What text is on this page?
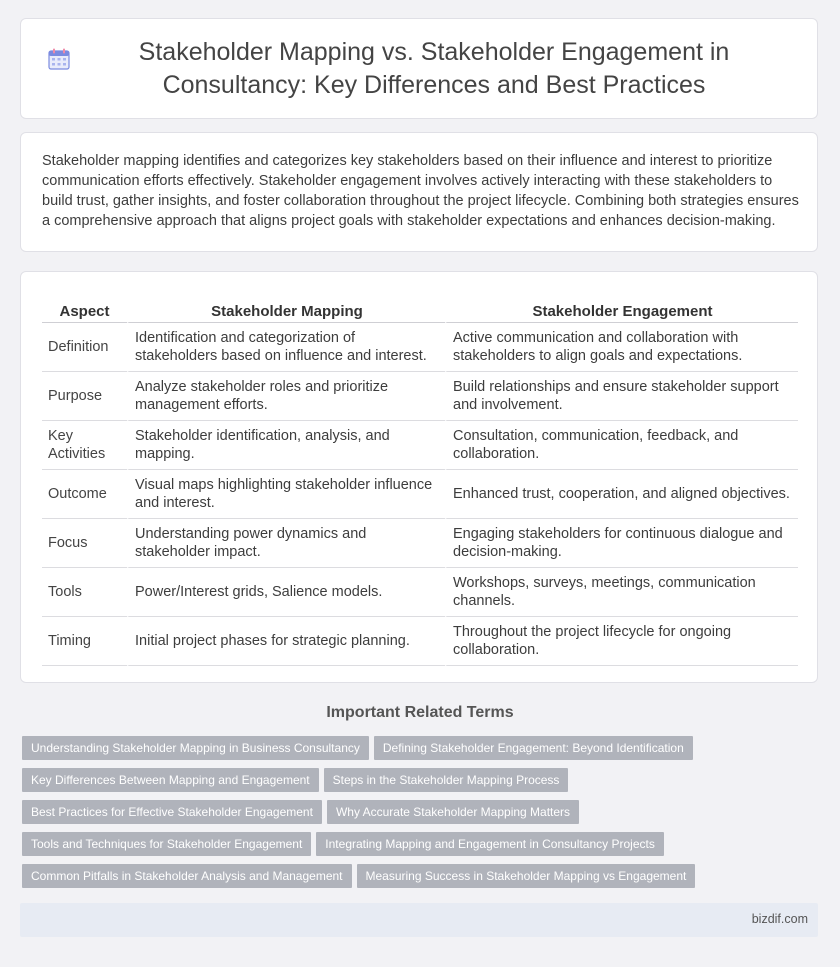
Stakeholder Mapping vs. Stakeholder Engagement in Consultancy: Key Differences and Best Practices

Stakeholder mapping identifies and categorizes key stakeholders based on their influence and interest to prioritize communication efforts effectively. Stakeholder engagement involves actively interacting with these stakeholders to build trust, gather insights, and foster collaboration throughout the project lifecycle. Combining both strategies ensures a comprehensive approach that aligns project goals with stakeholder expectations and enhances decision-making.

Aspect	Stakeholder Mapping	Stakeholder Engagement
Definition	Identification and categorization of stakeholders based on influence and interest.	Active communication and collaboration with stakeholders to align goals and expectations.
Purpose	Analyze stakeholder roles and prioritize management efforts.	Build relationships and ensure stakeholder support and involvement.
Key Activities	Stakeholder identification, analysis, and mapping.	Consultation, communication, feedback, and collaboration.
Outcome	Visual maps highlighting stakeholder influence and interest.	Enhanced trust, cooperation, and aligned objectives.
Focus	Understanding power dynamics and stakeholder impact.	Engaging stakeholders for continuous dialogue and decision-making.
Tools	Power/Interest grids, Salience models.	Workshops, surveys, meetings, communication channels.
Timing	Initial project phases for strategic planning.	Throughout the project lifecycle for ongoing collaboration.
Important Related Terms
Understanding Stakeholder Mapping in Business Consultancy Defining Stakeholder Engagement: Beyond Identification
Key Differences Between Mapping and Engagement Steps in the Stakeholder Mapping Process
Best Practices for Effective Stakeholder Engagement Why Accurate Stakeholder Mapping Matters
Tools and Techniques for Stakeholder Engagement Integrating Mapping and Engagement in Consultancy Projects
Common Pitfalls in Stakeholder Analysis and Management Measuring Success in Stakeholder Mapping vs Engagement
bizdif.com
